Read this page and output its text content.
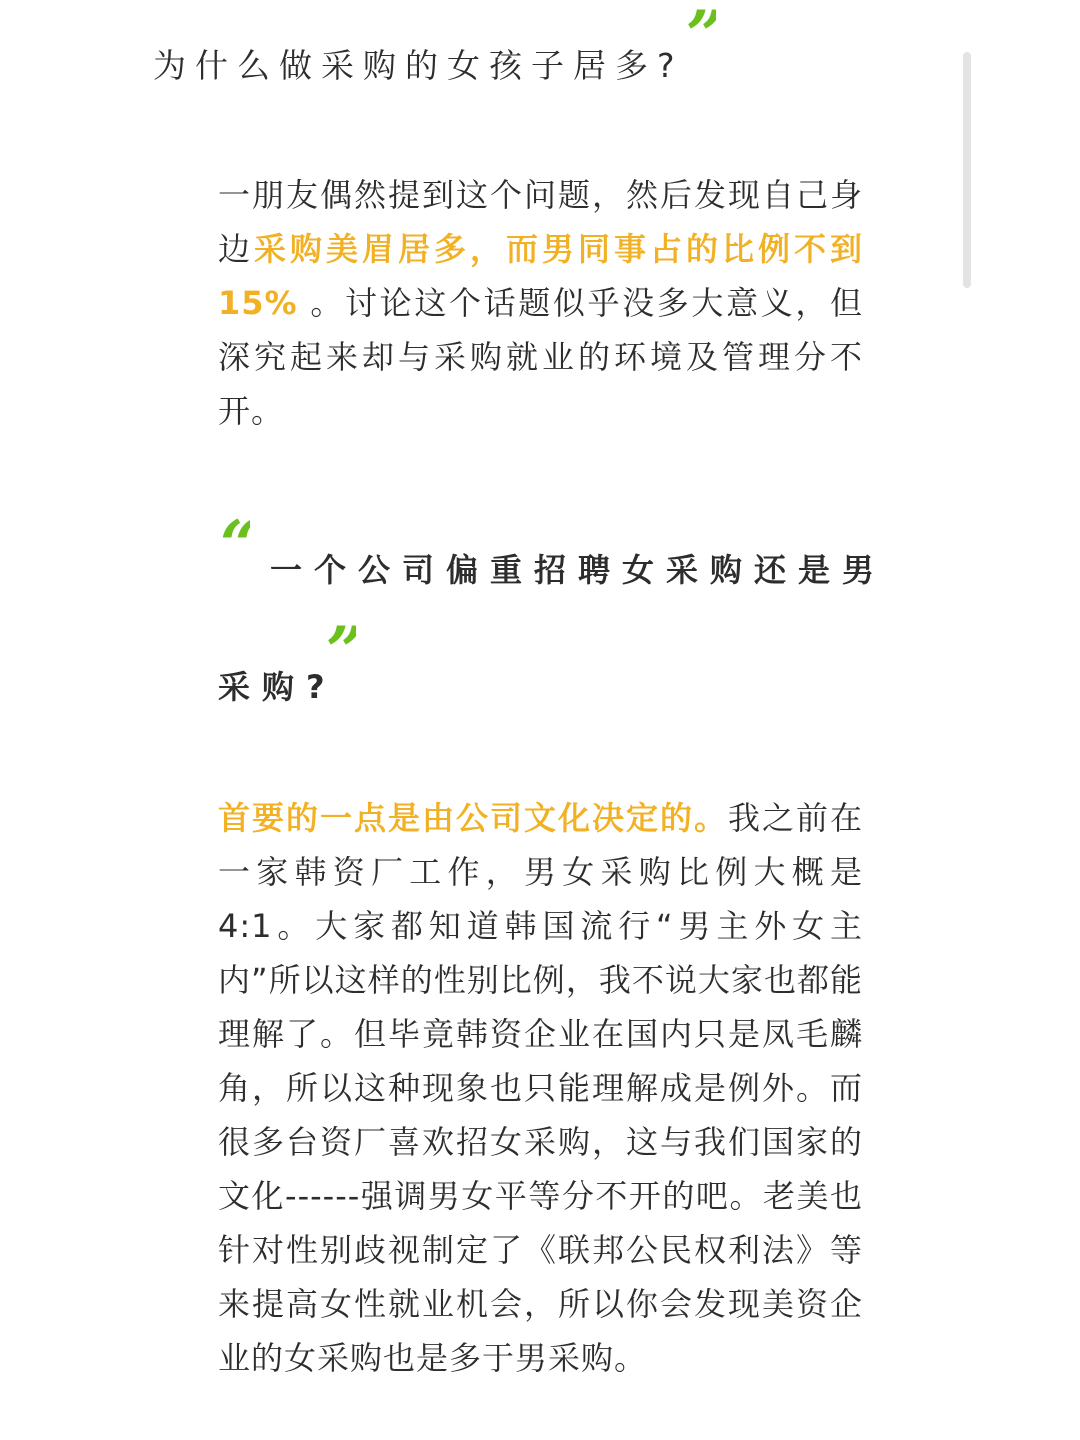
”
为什么做采购的女孩子居多?

一朋友偶然提到这个问题，然后发现自己身边采购美眉居多，而男同事占的比例不到15% 。讨论这个话题似乎没多大意义，但深究起来却与采购就业的环境及管理分不开。

“ 一个公司偏重招聘女采购还是男
”
采购?

首要的一点是由公司文化决定的。我之前在一家韩资厂工作，男女采购比例大概是4:1。大家都知道韩国流行“男主外女主内”所以这样的性别比例，我不说大家也都能理解了。但毕竟韩资企业在国内只是凤毛麟角，所以这种现象也只能理解成是例外。而很多台资厂喜欢招女采购，这与我们国家的文化------强调男女平等分不开的吧。老美也针对性别歧视制定了《联邦公民权利法》等来提高女性就业机会，所以你会发现美资企业的女采购也是多于男采购。
